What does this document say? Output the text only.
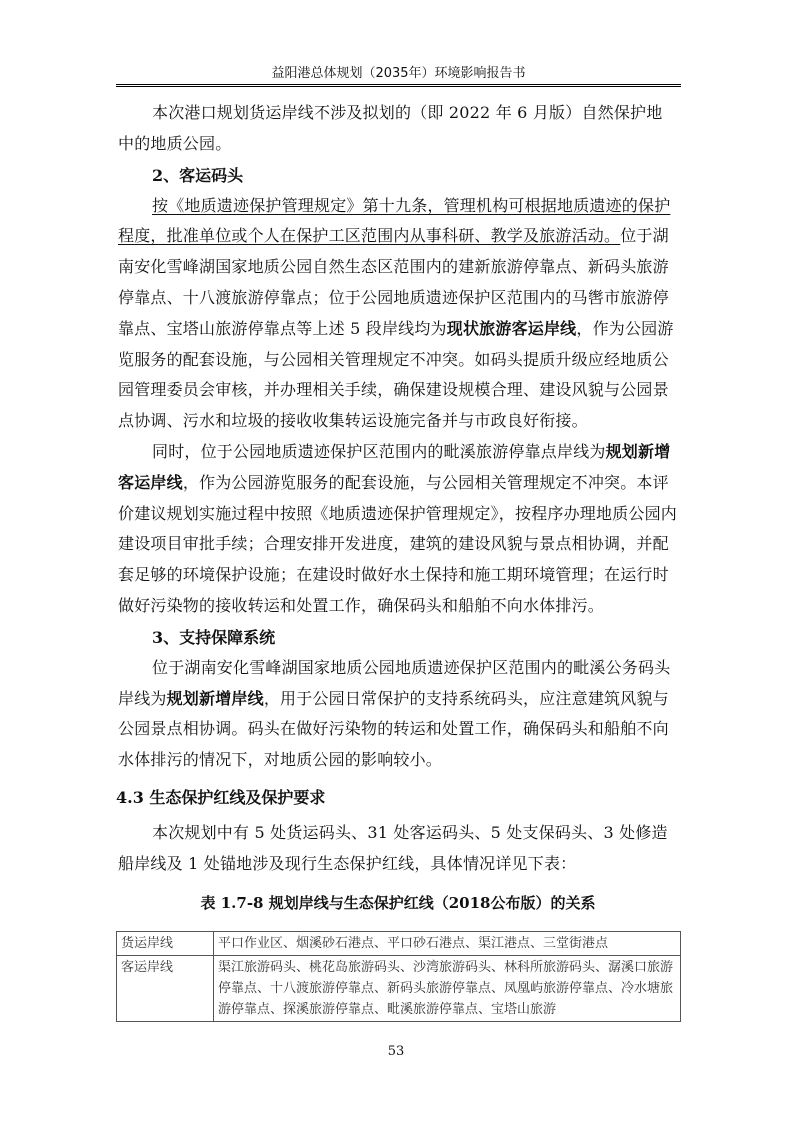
益阳港总体规划（2035年）环境影响报告书

本次港口规划货运岸线不涉及拟划的（即 2022 年 6 月版）自然保护地中的地质公园。

2、客运码头

按《地质遗迹保护管理规定》第十九条，管理机构可根据地质遗迹的保护程度，批准单位或个人在保护工区范围内从事科研、教学及旅游活动。位于湖南安化雪峰湖国家地质公园自然生态区范围内的建新旅游停靠点、新码头旅游停靠点、十八渡旅游停靠点；位于公园地质遗迹保护区范围内的马辔市旅游停靠点、宝塔山旅游停靠点等上述 5 段岸线均为现状旅游客运岸线，作为公园游览服务的配套设施，与公园相关管理规定不冲突。如码头提质升级应经地质公园管理委员会审核，并办理相关手续，确保建设规模合理、建设风貌与公园景点协调、污水和垃圾的接收收集转运设施完备并与市政良好衔接。

同时，位于公园地质遗迹保护区范围内的毗溪旅游停靠点岸线为规划新增客运岸线，作为公园游览服务的配套设施，与公园相关管理规定不冲突。本评价建议规划实施过程中按照《地质遗迹保护管理规定》，按程序办理地质公园内建设项目审批手续；合理安排开发进度，建筑的建设风貌与景点相协调，并配套足够的环境保护设施；在建设时做好水土保持和施工期环境管理；在运行时做好污染物的接收转运和处置工作，确保码头和船舶不向水体排污。

3、支持保障系统

位于湖南安化雪峰湖国家地质公园地质遗迹保护区范围内的毗溪公务码头岸线为规划新增岸线，用于公园日常保护的支持系统码头，应注意建筑风貌与公园景点相协调。码头在做好污染物的转运和处置工作，确保码头和船舶不向水体排污的情况下，对地质公园的影响较小。

4.3 生态保护红线及保护要求

本次规划中有 5 处货运码头、31 处客运码头、5 处支保码头、3 处修造船岸线及 1 处锚地涉及现行生态保护红线，具体情况详见下表：

表 1.7-8 规划岸线与生态保护红线（2018公布版）的关系
货运岸线	平口作业区、烟溪砂石港点、平口砂石港点、渠江港点、三堂街港点
客运岸线	渠江旅游码头、桃花岛旅游码头、沙湾旅游码头、林科所旅游码头、潺溪口旅游停靠点、十八渡旅游停靠点、新码头旅游停靠点、凤凰屿旅游停靠点、冷水塘旅游停靠点、探溪旅游停靠点、毗溪旅游停靠点、宝塔山旅游
53
